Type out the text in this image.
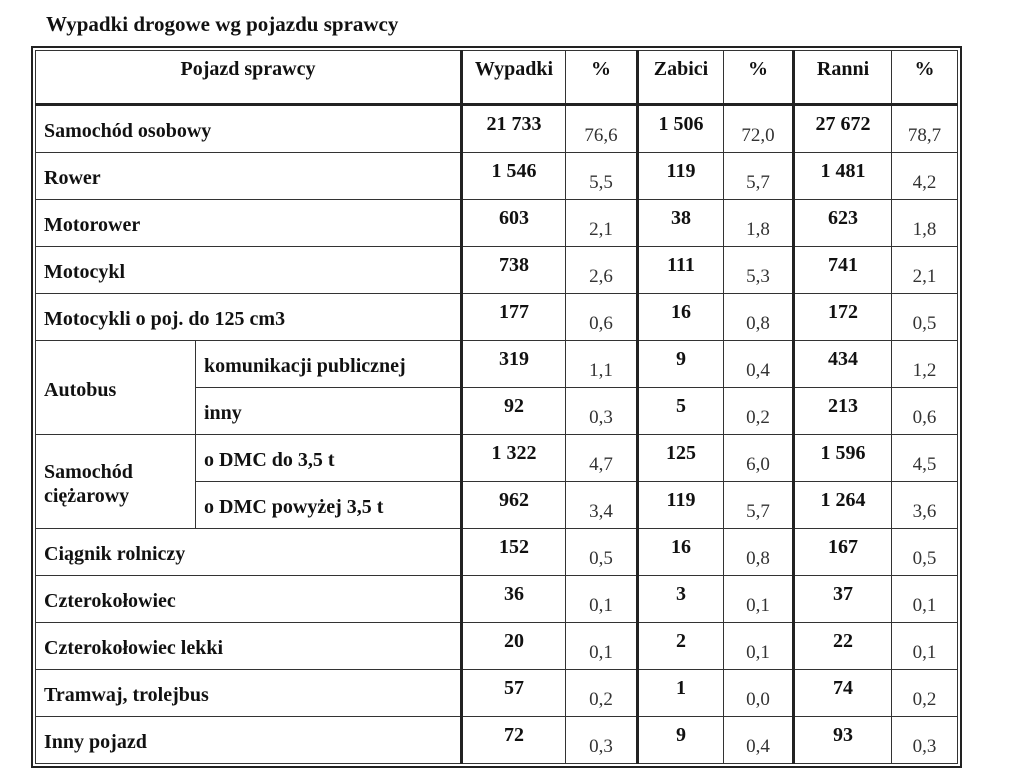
Wypadki drogowe wg pojazdu sprawcy
Pojazd sprawcy		Wypadki	%	Zabici	%	Ranni	%
Samochód osobowy		21 733	76,6	1 506	72,0	27 672	78,7
Rower		1 546	5,5	119	5,7	1 481	4,2
Motorower		603	2,1	38	1,8	623	1,8
Motocykl		738	2,6	111	5,3	741	2,1
Motocykli o poj. do 125 cm3		177	0,6	16	0,8	172	0,5
Autobus	komunikacji publicznej	319	1,1	9	0,4	434	1,2
	inny	92	0,3	5	0,2	213	0,6
Samochód
ciężarowy	o DMC do 3,5 t	1 322	4,7	125	6,0	1 596	4,5
	o DMC powyżej 3,5 t	962	3,4	119	5,7	1 264	3,6
Ciągnik rolniczy		152	0,5	16	0,8	167	0,5
Czterokołowiec		36	0,1	3	0,1	37	0,1
Czterokołowiec lekki		20	0,1	2	0,1	22	0,1
Tramwaj, trolejbus		57	0,2	1	0,0	74	0,2
Inny pojazd		72	0,3	9	0,4	93	0,3
